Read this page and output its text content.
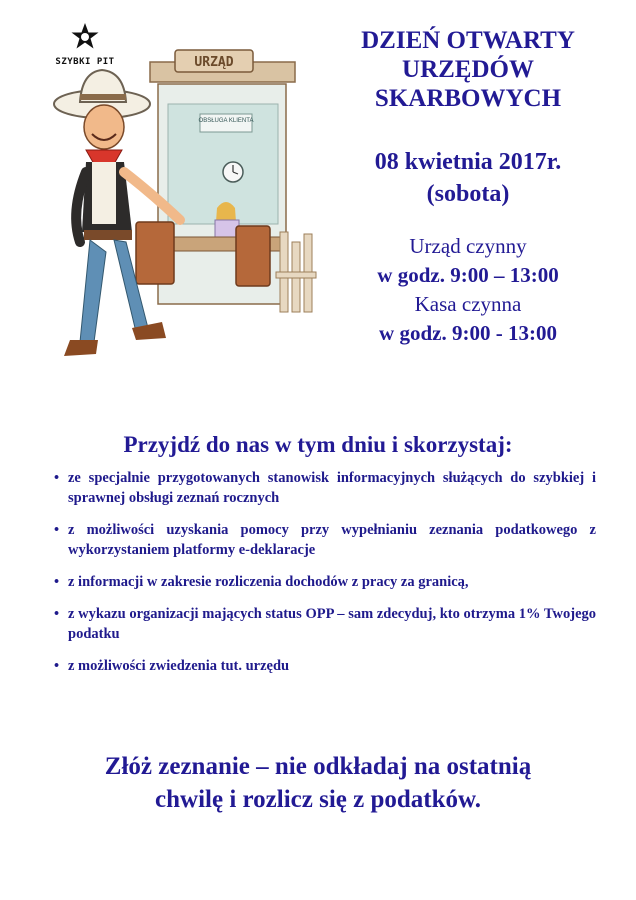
OBSŁUGA KLIENTA
URZĄD
SZYBKI PIT
DZIEŃ OTWARTY
URZĘDÓW
SKARBOWYCH
08 kwietnia 2017r.
(sobota)
Urząd czynny
w godz. 9:00 – 13:00
Kasa czynna
w godz. 9:00 - 13:00
Przyjdź do nas w tym dniu i skorzystaj:
• ze specjalnie przygotowanych stanowisk informacyjnych służących do szybkiej i sprawnej obsługi zeznań rocznych
• z możliwości uzyskania pomocy przy wypełnianiu zeznania podatkowego z wykorzystaniem platformy e-deklaracje
• z informacji w zakresie rozliczenia dochodów z pracy za granicą,
• z wykazu organizacji mających status OPP – sam zdecyduj, kto otrzyma 1% Twojego podatku
• z możliwości zwiedzenia tut. urzędu
Złóż zeznanie – nie odkładaj na ostatnią
chwilę i rozlicz się z podatków.
